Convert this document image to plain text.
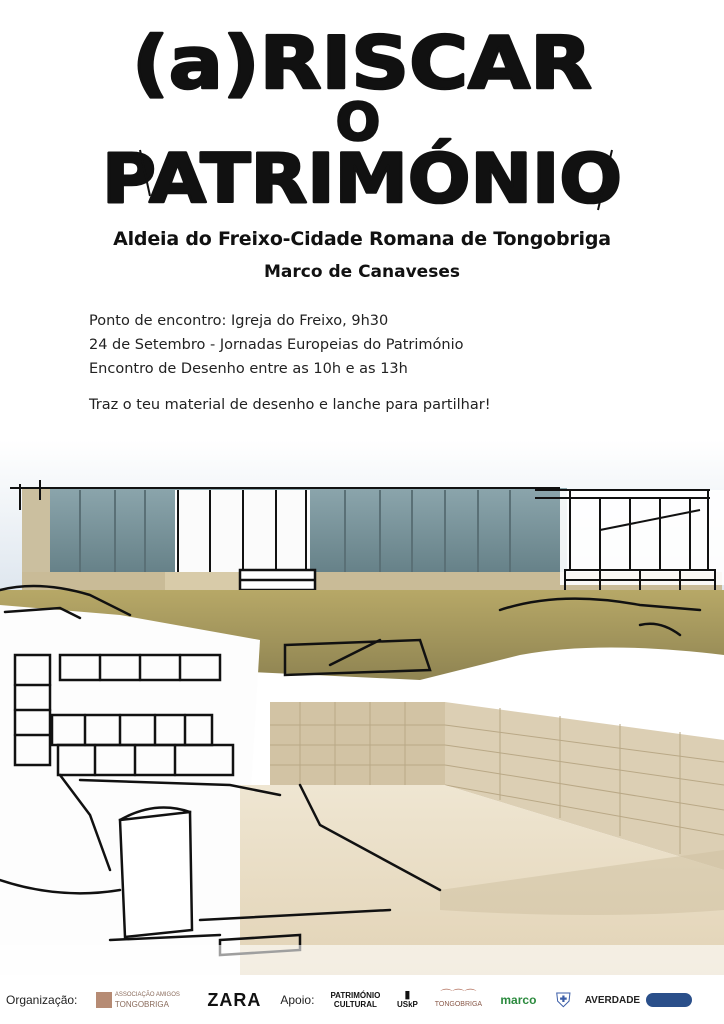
(a)RISCAR
O
PATRIMÓNIO
Aldeia do Freixo-Cidade Romana de Tongobriga
Marco de Canaveses
Ponto de encontro: Igreja do Freixo, 9h30
24 de Setembro - Jornadas Europeias do Património
Encontro de Desenho entre as 10h e as 13h
Traz o teu material de desenho e lanche para partilhar!
Organização:	ASSOCIAÇÃO AMIGOS
TONGOBRIGA	ZARA	Apoio: PATRIMÓNIO
CULTURAL
▮
USkP
⌒⌒⌒
TONGOBRIGA	marco ⛨	AVERDADE
